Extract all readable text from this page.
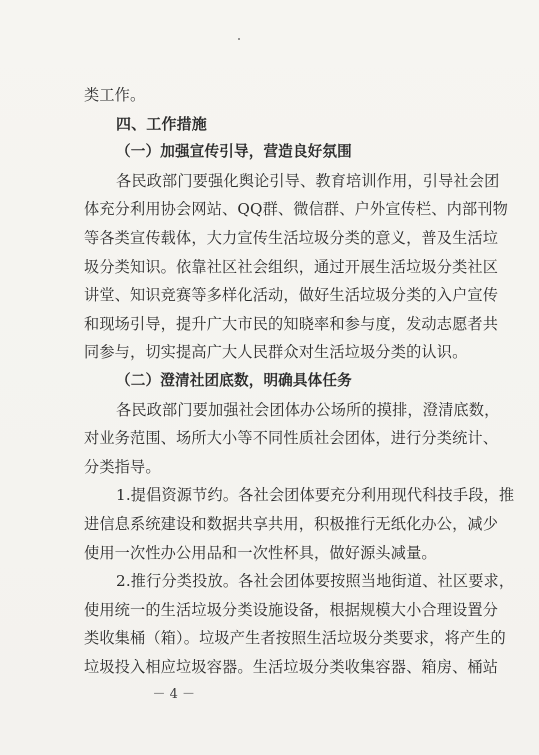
类工作。
四、工作措施
（一）加强宣传引导，营造良好氛围
各民政部门要强化舆论引导、教育培训作用，引导社会团
体充分利用协会网站、QQ群、微信群、户外宣传栏、内部刊物
等各类宣传载体，大力宣传生活垃圾分类的意义，普及生活垃
圾分类知识。依靠社区社会组织，通过开展生活垃圾分类社区
讲堂、知识竞赛等多样化活动，做好生活垃圾分类的入户宣传
和现场引导，提升广大市民的知晓率和参与度，发动志愿者共
同参与，切实提高广大人民群众对生活垃圾分类的认识。
（二）澄清社团底数，明确具体任务
各民政部门要加强社会团体办公场所的摸排，澄清底数，
对业务范围、场所大小等不同性质社会团体，进行分类统计、
分类指导。
1.提倡资源节约。各社会团体要充分利用现代科技手段，推
进信息系统建设和数据共享共用，积极推行无纸化办公，减少
使用一次性办公用品和一次性杯具，做好源头减量。
2.推行分类投放。各社会团体要按照当地街道、社区要求，
使用统一的生活垃圾分类设施设备，根据规模大小合理设置分
类收集桶（箱）。垃圾产生者按照生活垃圾分类要求，将产生的
垃圾投入相应垃圾容器。生活垃圾分类收集容器、箱房、桶站
－ 4 －
